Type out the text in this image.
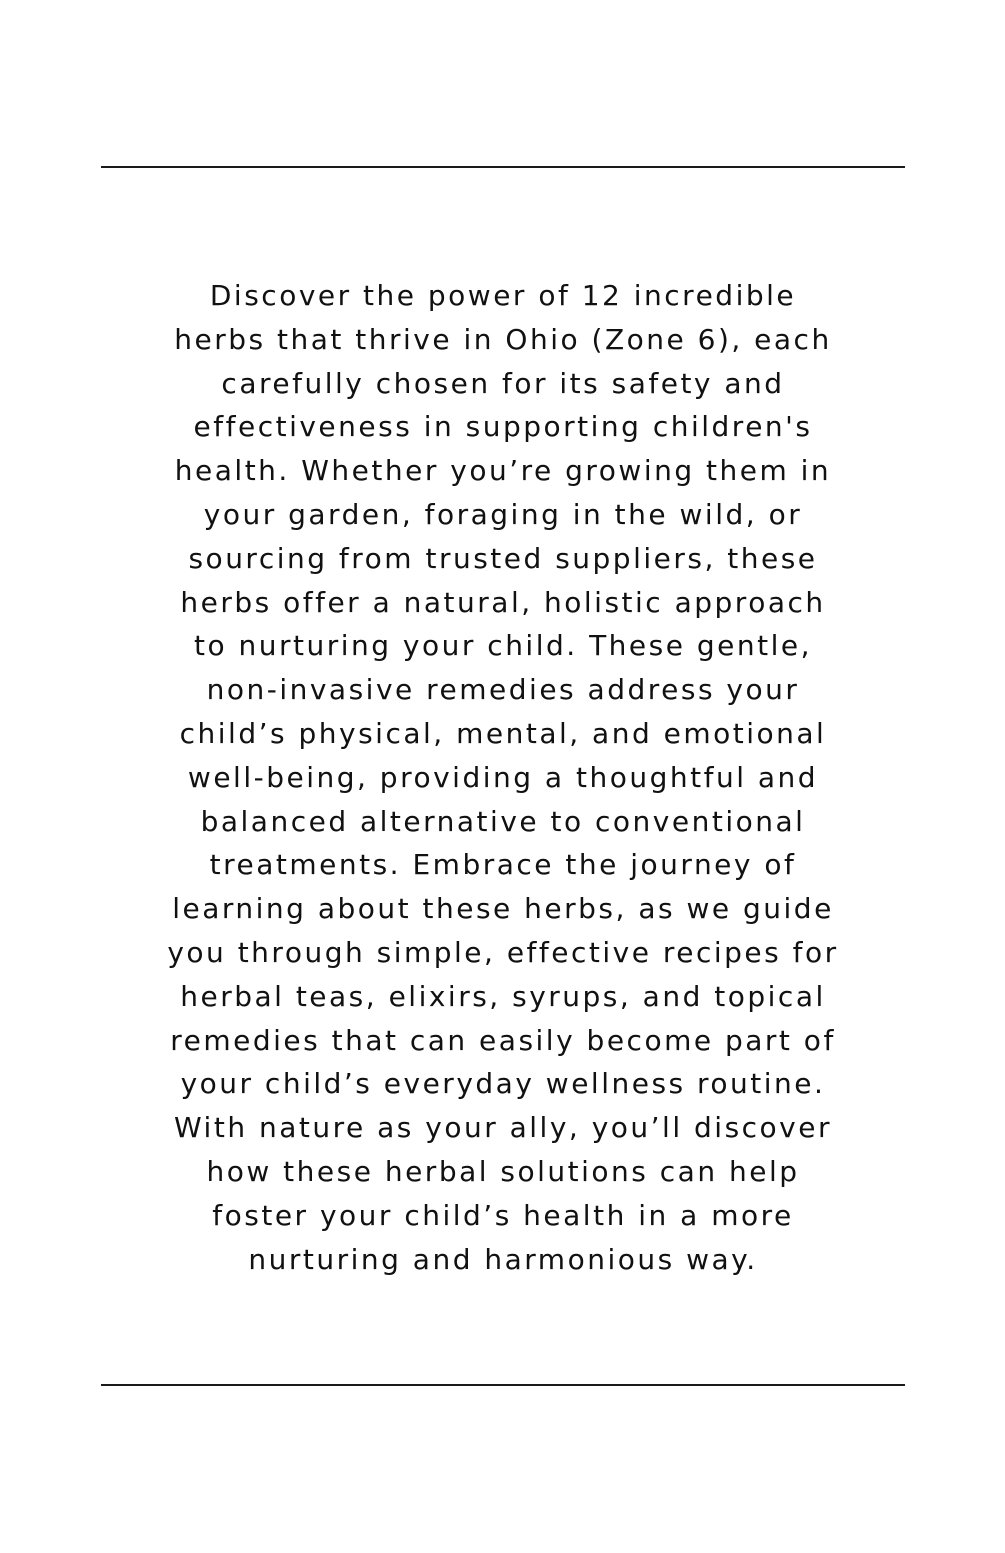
Discover the power of 12 incredible
herbs that thrive in Ohio (Zone 6), each
carefully chosen for its safety and
effectiveness in supporting children's
health. Whether you’re growing them in
your garden, foraging in the wild, or
sourcing from trusted suppliers, these
herbs offer a natural, holistic approach
to nurturing your child. These gentle,
non-invasive remedies address your
child’s physical, mental, and emotional
well-being, providing a thoughtful and
balanced alternative to conventional
treatments. Embrace the journey of
learning about these herbs, as we guide
you through simple, effective recipes for
herbal teas, elixirs, syrups, and topical
remedies that can easily become part of
your child’s everyday wellness routine.
With nature as your ally, you’ll discover
how these herbal solutions can help
foster your child’s health in a more
nurturing and harmonious way.
